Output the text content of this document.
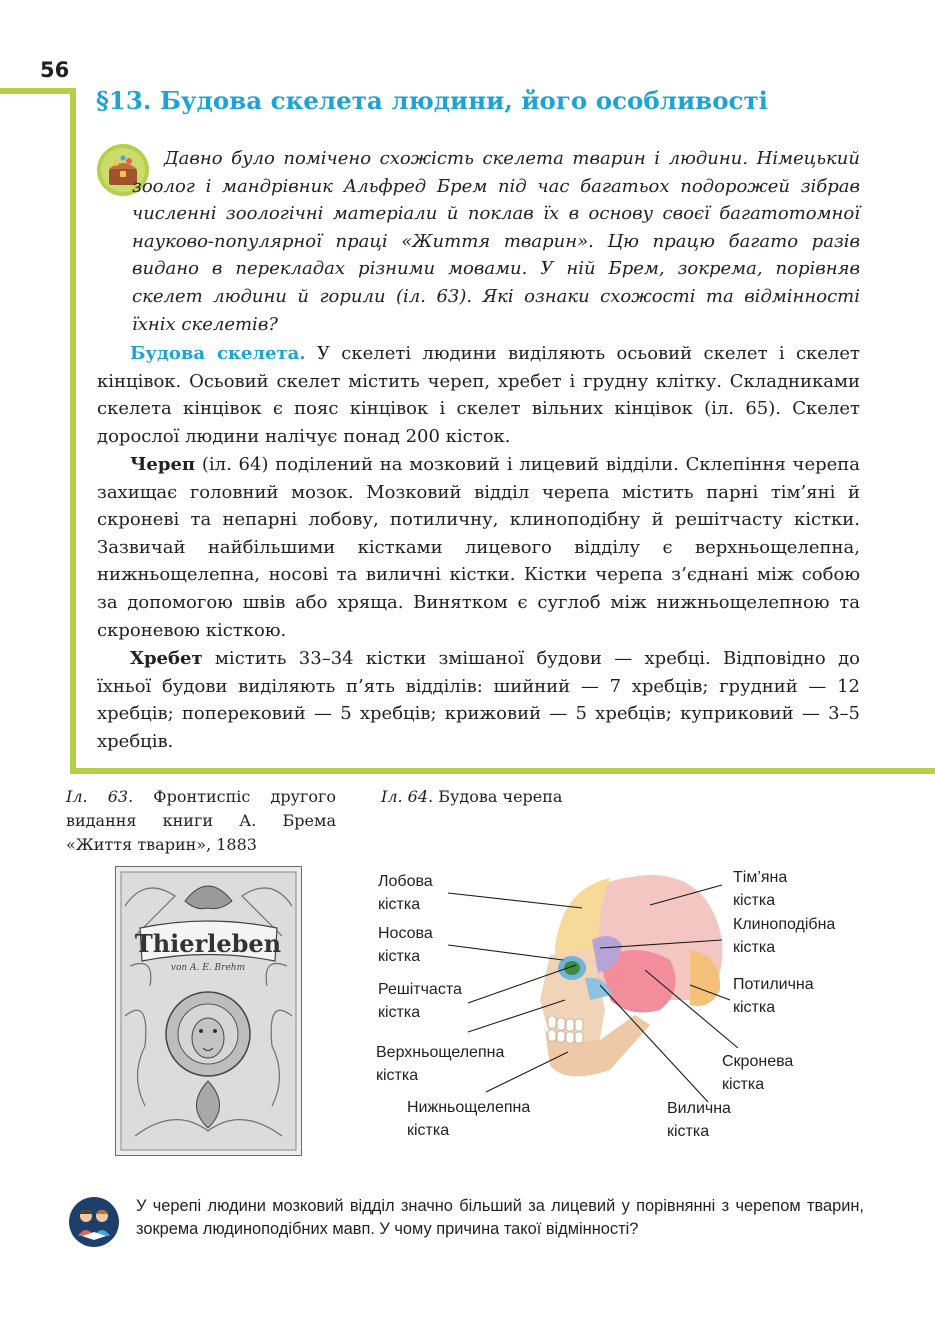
56
§13. Будова скелета людини, його особливості

Давно було помічено схожість скелета тварин і людини. Німецький зоолог і мандрівник Альфред Брем під час багатьох подорожей зібрав численні зоологічні матеріали й поклав їх в основу своєї багатотомної науково-популярної праці «Життя тварин». Цю працю багато разів видано в перекладах різними мовами. У ній Брем, зокрема, порівняв скелет людини й горили (іл. 63). Які ознаки схожості та відмінності їхніх скелетів?

Будова скелета. У скелеті людини виділяють осьовий скелет і скелет кінцівок. Осьовий скелет містить череп, хребет і грудну клітку. Складниками скелета кінцівок є пояс кінцівок і скелет вільних кінцівок (іл. 65). Скелет дорослої людини налічує понад 200 кісток.

Череп (іл. 64) поділений на мозковий і лицевий відділи. Склепіння черепа захищає головний мозок. Мозковий відділ черепа містить парні тім’яні й скроневі та непарні лобову, потиличну, клиноподібну й решітчасту кістки. Зазвичай найбільшими кістками лицевого відділу є верхньощелепна, нижньощелепна, носові та виличні кістки. Кістки черепа з’єднані між собою за допомогою швів або хряща. Винятком є суглоб між нижньощелепною та скроневою кісткою.

Хребет містить 33–34 кістки змішаної будови — хребці. Відповідно до їхньої будови виділяють п’ять відділів: шийний — 7 хребців; грудний — 12 хребців; поперековий — 5 хребців; крижовий — 5 хребців; куприковий — 3–5 хребців.

Іл. 63. Фронтиспіс другого видання книги А. Брема «Життя тварин», 1883

Іл. 64. Будова черепа

Thierleben
von A. E. Brehm
Лобова
кістка
Носова
кістка
Решітчаста
кістка
Верхньощелепна
кістка
Нижньощелепна
кістка
Тім’яна
кістка
Клиноподібна
кістка
Потилична
кістка
Скронева
кістка
Вилична
кістка

У черепі людини мозковий відділ значно більший за лицевий у порівнянні з черепом тварин, зокрема людиноподібних мавп. У чому причина такої відмінності?
